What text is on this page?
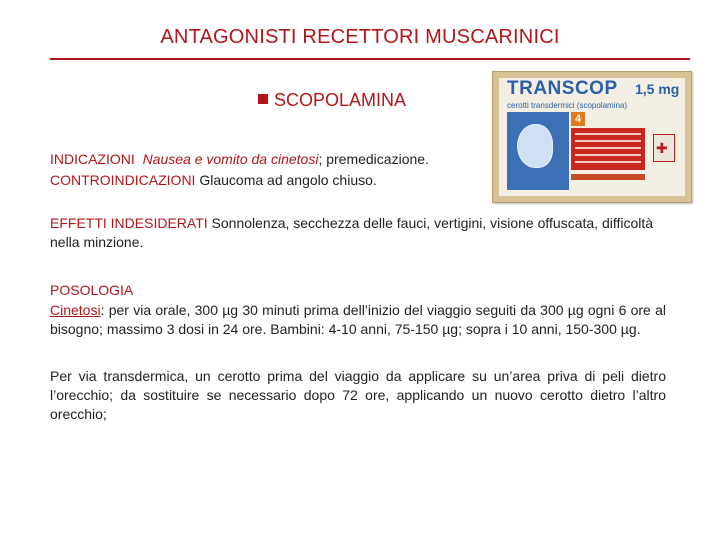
ANTAGONISTI RECETTORI MUSCARINICI
SCOPOLAMINA
TRANSCOP 1,5 mg
cerotti transdermici (scopolamina)
4
✚
INDICAZIONI Nausea e vomito da cinetosi; premedicazione.
CONTROINDICAZIONI Glaucoma ad angolo chiuso.
EFFETTI INDESIDERATI Sonnolenza, secchezza delle fauci, vertigini, visione offuscata, difficoltà nella minzione.
POSOLOGIA
Cinetosi: per via orale, 300 µg 30 minuti prima dell’inizio del viaggio seguiti da 300 µg ogni 6 ore al bisogno; massimo 3 dosi in 24 ore. Bambini: 4-10 anni, 75-150 µg; sopra i 10 anni, 150-300 µg.
Per via transdermica, un cerotto prima del viaggio da applicare su un’area priva di peli dietro l’orecchio; da sostituire se necessario dopo 72 ore, applicando un nuovo cerotto dietro l’altro orecchio;
